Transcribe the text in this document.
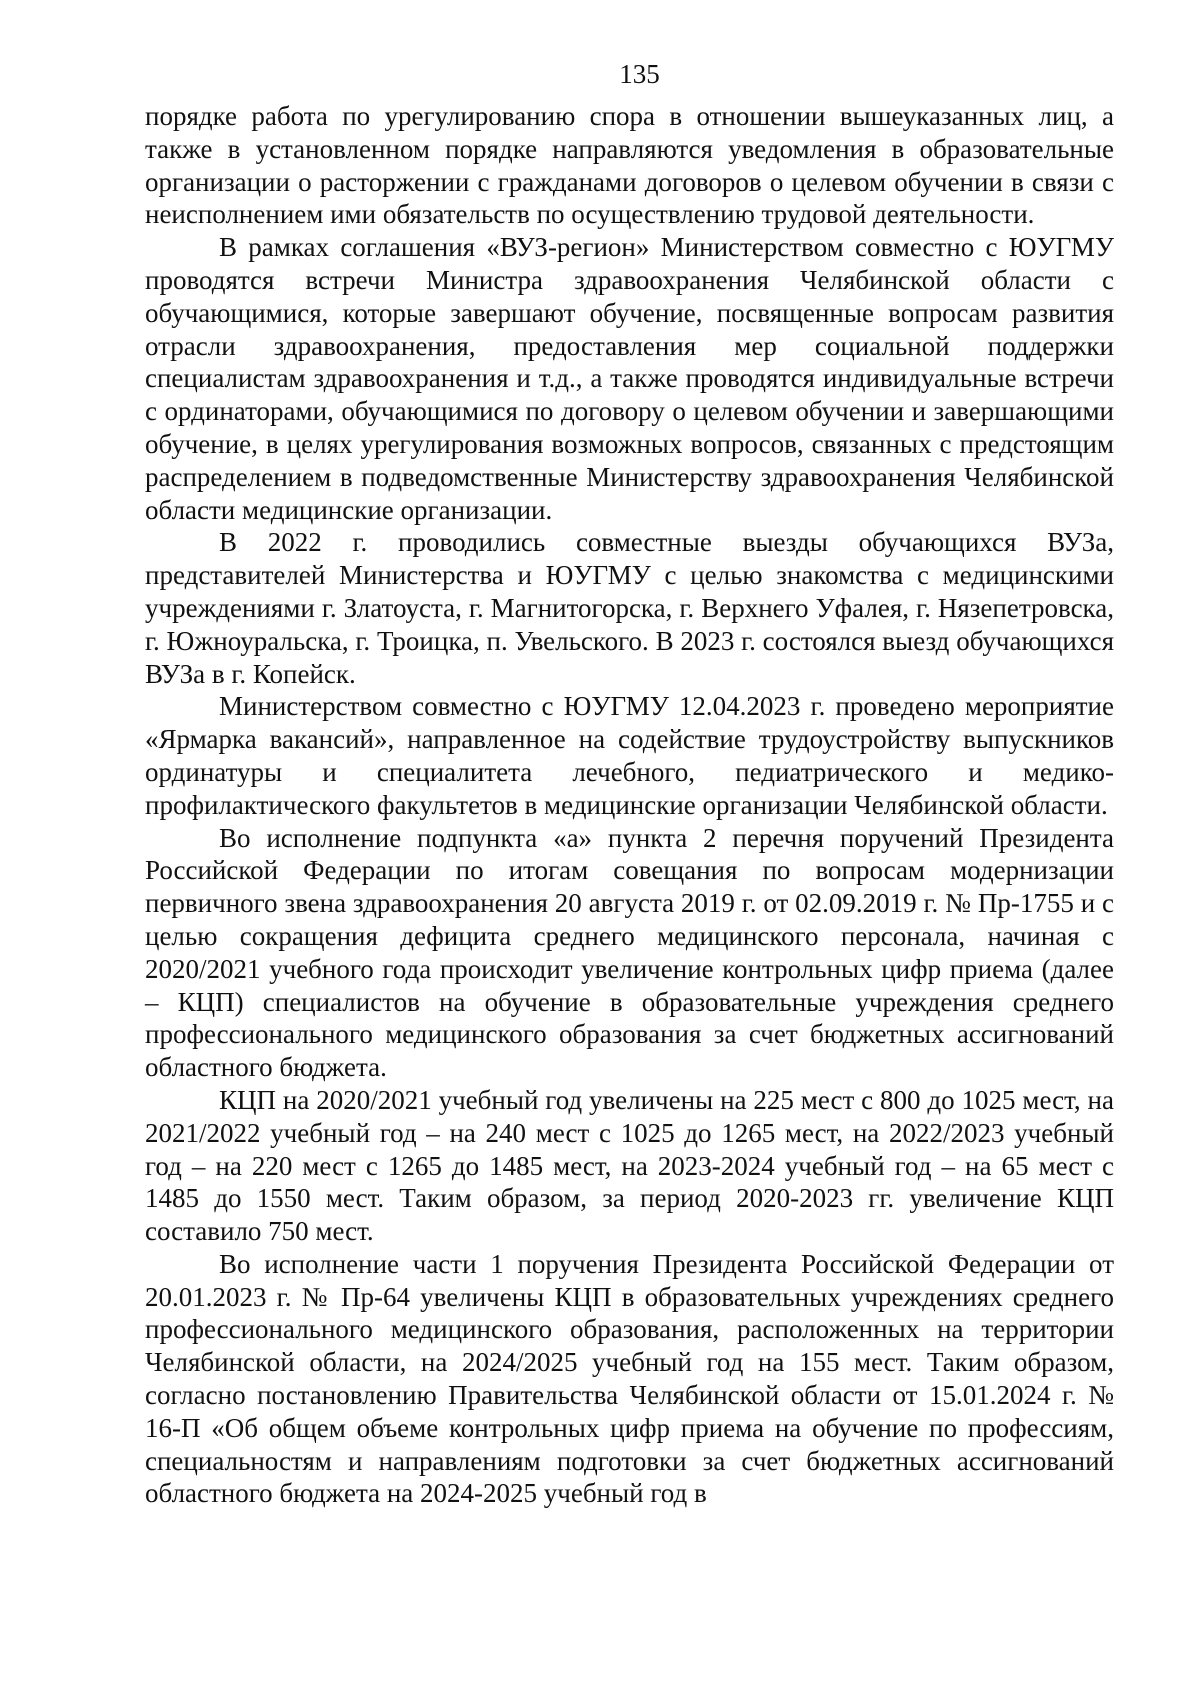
135

порядке работа по урегулированию спора в отношении вышеуказанных лиц, а также в установленном порядке направляются уведомления в образовательные организации о расторжении с гражданами договоров о целевом обучении в связи с неисполнением ими обязательств по осуществлению трудовой деятельности.

В рамках соглашения «ВУЗ-регион» Министерством совместно с ЮУГМУ проводятся встречи Министра здравоохранения Челябинской области с обучающимися, которые завершают обучение, посвященные вопросам развития отрасли здравоохранения, предоставления мер социальной поддержки специалистам здравоохранения и т.д., а также проводятся индивидуальные встречи с ординаторами, обучающимися по договору о целевом обучении и завершающими обучение, в целях урегулирования возможных вопросов, связанных с предстоящим распределением в подведомственные Министерству здравоохранения Челябинской области медицинские организации.

В 2022 г. проводились совместные выезды обучающихся ВУЗа, представителей Министерства и ЮУГМУ с целью знакомства с медицинскими учреждениями г. Златоуста, г. Магнитогорска, г. Верхнего Уфалея, г. Нязепетровска, г. Южноуральска, г. Троицка, п. Увельского. В 2023 г. состоялся выезд обучающихся ВУЗа в г. Копейск.

Министерством совместно с ЮУГМУ 12.04.2023 г. проведено мероприятие «Ярмарка вакансий», направленное на содействие трудоустройству выпускников ординатуры и специалитета лечебного, педиатрического и медико-профилактического факультетов в медицинские организации Челябинской области.

Во исполнение подпункта «а» пункта 2 перечня поручений Президента Российской Федерации по итогам совещания по вопросам модернизации первичного звена здравоохранения 20 августа 2019 г. от 02.09.2019 г. № Пр-1755 и с целью сокращения дефицита среднего медицинского персонала, начиная с 2020/2021 учебного года происходит увеличение контрольных цифр приема (далее – КЦП) специалистов на обучение в образовательные учреждения среднего профессионального медицинского образования за счет бюджетных ассигнований областного бюджета.

КЦП на 2020/2021 учебный год увеличены на 225 мест с 800 до 1025 мест, на 2021/2022 учебный год – на 240 мест с 1025 до 1265 мест, на 2022/2023 учебный год – на 220 мест с 1265 до 1485 мест, на 2023-2024 учебный год – на 65 мест с 1485 до 1550 мест. Таким образом, за период 2020-2023 гг. увеличение КЦП составило 750 мест.

Во исполнение части 1 поручения Президента Российской Федерации от 20.01.2023 г. № Пр-64 увеличены КЦП в образовательных учреждениях среднего профессионального медицинского образования, расположенных на территории Челябинской области, на 2024/2025 учебный год на 155 мест. Таким образом, согласно постановлению Правительства Челябинской области от 15.01.2024 г. № 16-П «Об общем объеме контрольных цифр приема на обучение по профессиям, специальностям и направлениям подготовки за счет бюджетных ассигнований областного бюджета на 2024-2025 учебный год в
